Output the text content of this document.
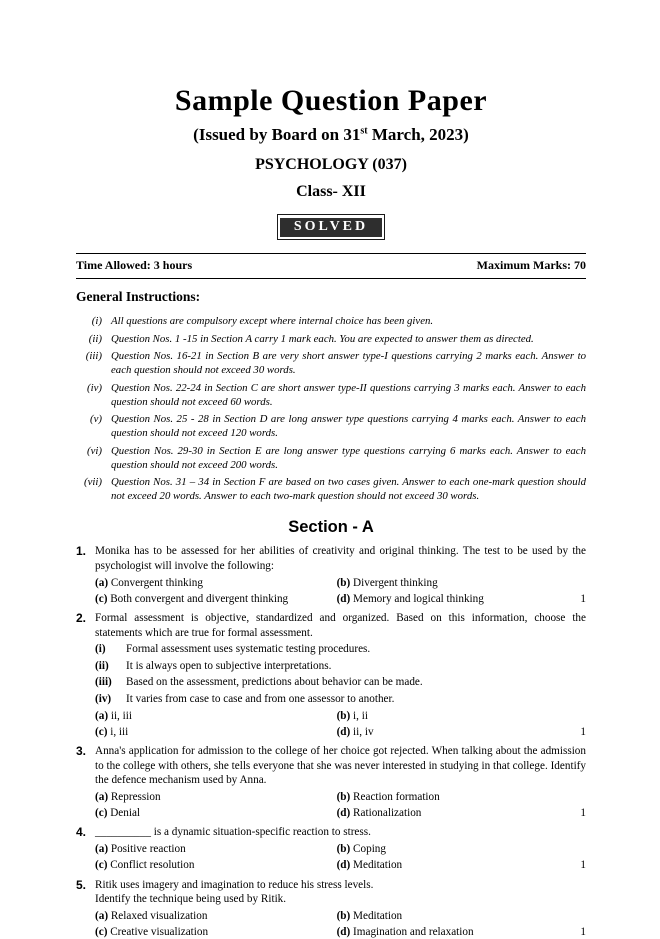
Sample Question Paper
(Issued by Board on 31st March, 2023)
PSYCHOLOGY (037)
Class- XII
SOLVED
Time Allowed: 3 hours	Maximum Marks: 70
General Instructions:
(i) All questions are compulsory except where internal choice has been given.
(ii) Question Nos. 1 -15 in Section A carry 1 mark each. You are expected to answer them as directed.
(iii) Question Nos. 16-21 in Section B are very short answer type-I questions carrying 2 marks each. Answer to each question should not exceed 30 words.
(iv) Question Nos. 22-24 in Section C are short answer type-II questions carrying 3 marks each. Answer to each question should not exceed 60 words.
(v) Question Nos. 25 - 28 in Section D are long answer type questions carrying 4 marks each. Answer to each question should not exceed 120 words.
(vi) Question Nos. 29-30 in Section E are long answer type questions carrying 6 marks each. Answer to each question should not exceed 200 words.
(vii) Question Nos. 31 – 34 in Section F are based on two cases given. Answer to each one-mark question should not exceed 20 words. Answer to each two-mark question should not exceed 30 words.
Section - A
1. Monika has to be assessed for her abilities of creativity and original thinking. The test to be used by the psychologist will involve the following:
(a) Convergent thinking	(b) Divergent thinking
(c) Both convergent and divergent thinking	(d) Memory and logical thinking	1
2. Formal assessment is objective, standardized and organized. Based on this information, choose the statements which are true for formal assessment.
(i)	Formal assessment uses systematic testing procedures.
(ii)	It is always open to subjective interpretations.
(iii)	Based on the assessment, predictions about behavior can be made.
(iv)	It varies from case to case and from one assessor to another.
(a) ii, iii	(b) i, ii
(c) i, iii	(d) ii, iv	1
3. Anna's application for admission to the college of her choice got rejected. When talking about the admission to the college with others, she tells everyone that she was never interested in studying in that college. Identify the defence mechanism used by Anna.
(a) Repression	(b) Reaction formation
(c) Denial	(d) Rationalization	1
4. __________ is a dynamic situation-specific reaction to stress.
(a) Positive reaction	(b) Coping
(c) Conflict resolution	(d) Meditation	1
5. Ritik uses imagery and imagination to reduce his stress levels.
Identify the technique being used by Ritik.
(a) Relaxed visualization	(b) Meditation
(c) Creative visualization	(d) Imagination and relaxation	1
